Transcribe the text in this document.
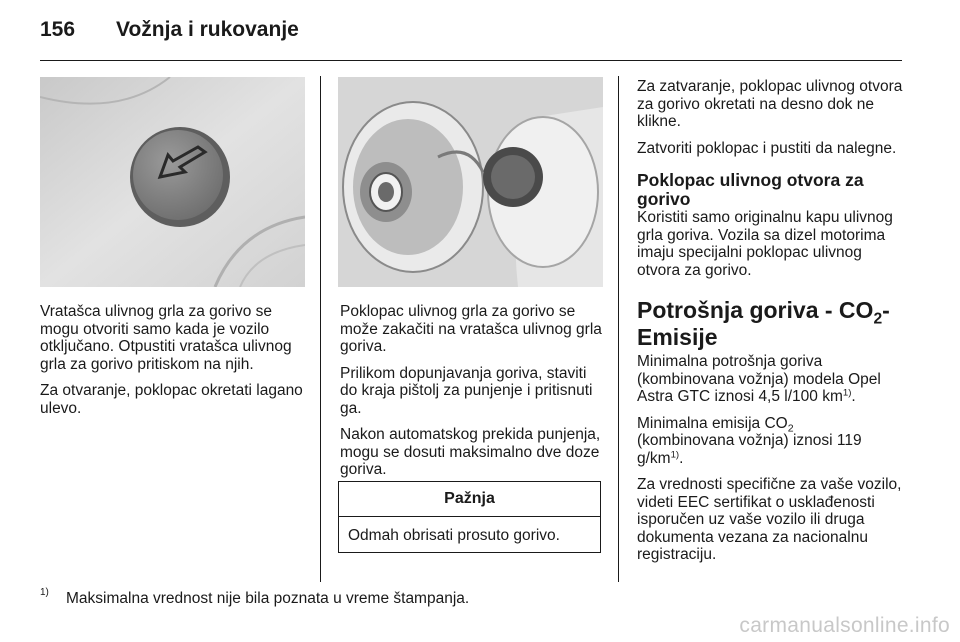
156 Vožnja i rukovanje

Vratašca ulivnog grla za gorivo se mogu otvoriti samo kada je vozilo otključano. Otpustiti vratašca ulivnog grla za gorivo pritiskom na njih.

Za otvaranje, poklopac okretati lagano ulevo.

Poklopac ulivnog grla za gorivo se može zakačiti na vratašca ulivnog grla goriva.

Prilikom dopunjavanja goriva, staviti do kraja pištolj za punjenje i pritisnuti ga.

Nakon automatskog prekida punjenja, mogu se dosuti maksimalno dve doze goriva.

Pažnja
Odmah obrisati prosuto gorivo.

Za zatvaranje, poklopac ulivnog otvora za gorivo okretati na desno dok ne klikne.

Zatvoriti poklopac i pustiti da nalegne.

Poklopac ulivnog otvora za gorivo

Koristiti samo originalnu kapu ulivnog grla goriva. Vozila sa dizel motorima imaju specijalni poklopac ulivnog otvora za gorivo.

Potrošnja goriva - $CO_2-$
Emisije

Minimalna potrošnja goriva (kombinovana vožnja) modela Opel Astra GTC iznosi 4,5 l/100 $km^{1)}$.

Minimalna emisija $CO_2$
(kombinovana vožnja) iznosi 119 $g/km^{1)}$.

Za vrednosti specifične za vaše vozilo, videti EEC sertifikat o usklađenosti isporučen uz vaše vozilo ili druga dokumenta vezana za nacionalnu registraciju.

1) Maksimalna vrednost nije bila poznata u vreme štampanja.
carmanualsonline.info
